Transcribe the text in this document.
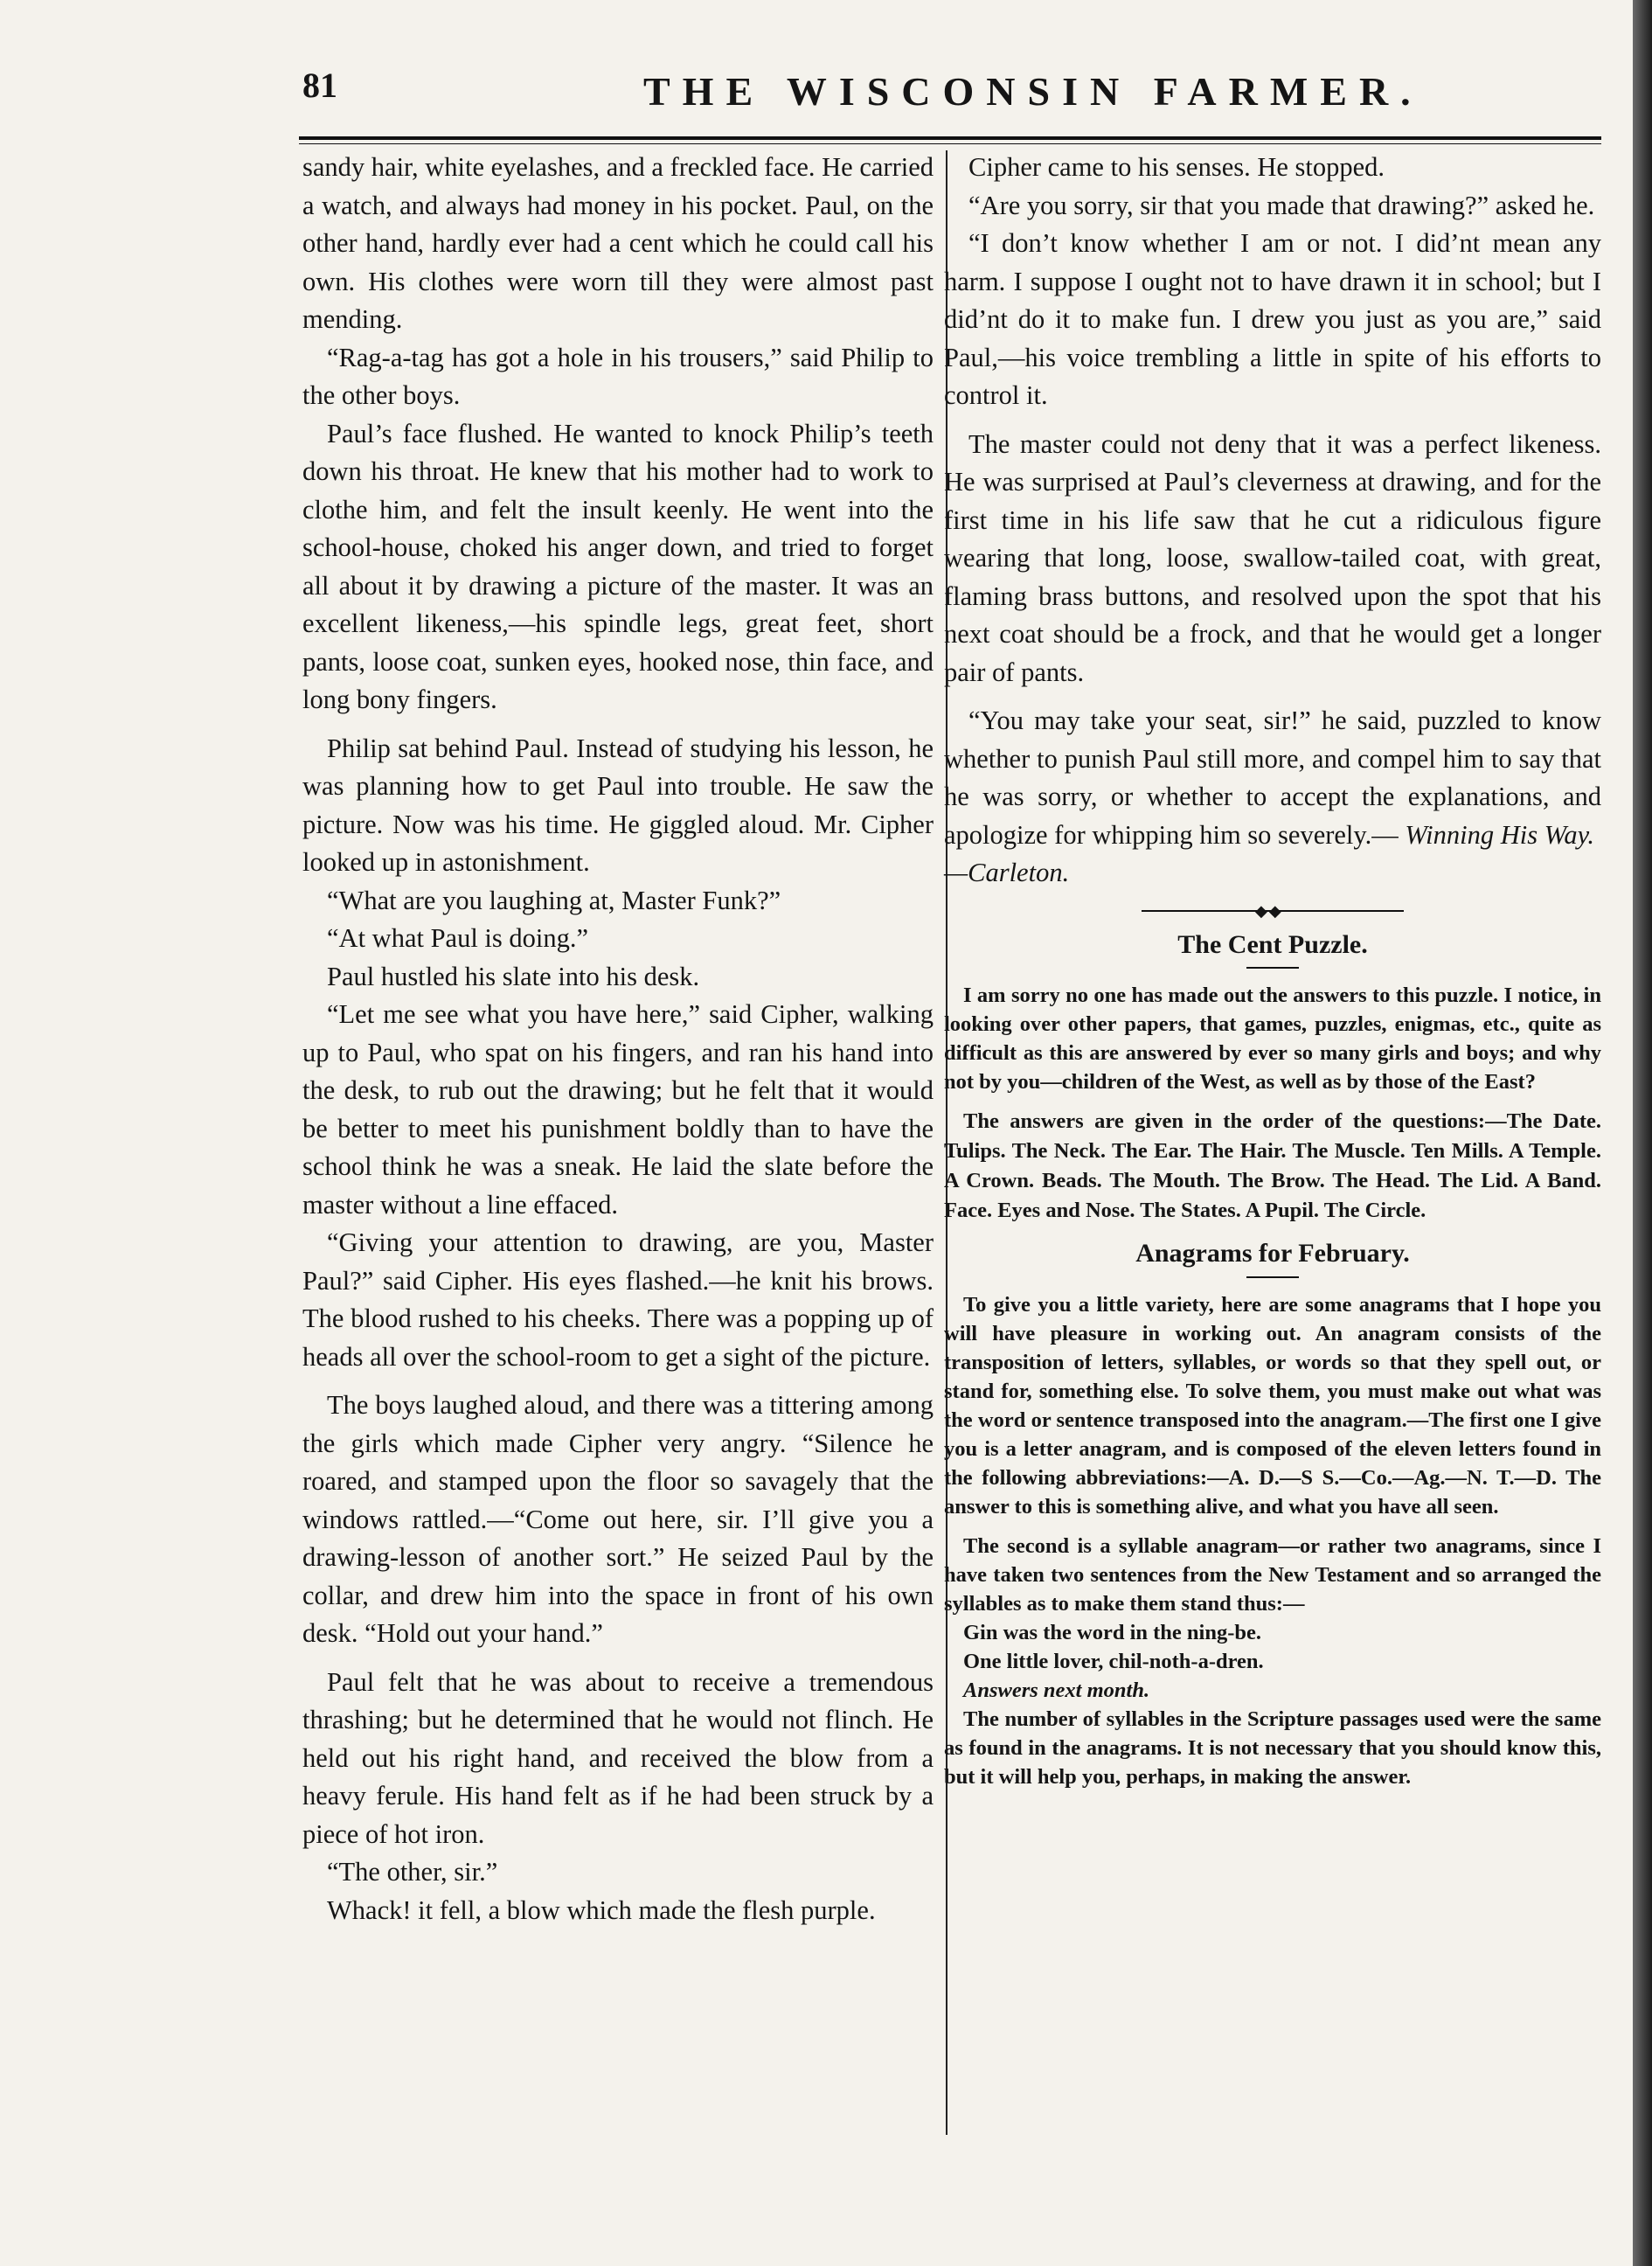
81	THE WISCONSIN FARMER.

sandy hair, white eyelashes, and a freckled face. He carried a watch, and always had money in his pocket. Paul, on the other hand, hardly ever had a cent which he could call his own. His clothes were worn till they were almost past mending.

“Rag-a-tag has got a hole in his trousers,” said Philip to the other boys.

Paul’s face flushed. He wanted to knock Philip’s teeth down his throat. He knew that his mother had to work to clothe him, and felt the insult keenly. He went into the school-house, choked his anger down, and tried to forget all about it by drawing a picture of the master. It was an excellent likeness,—his spindle legs, great feet, short pants, loose coat, sunken eyes, hooked nose, thin face, and long bony fingers.

Philip sat behind Paul. Instead of studying his lesson, he was planning how to get Paul into trouble. He saw the picture. Now was his time. He giggled aloud. Mr. Cipher looked up in astonishment.

“What are you laughing at, Master Funk?”

“At what Paul is doing.”

Paul hustled his slate into his desk.

“Let me see what you have here,” said Cipher, walking up to Paul, who spat on his fingers, and ran his hand into the desk, to rub out the drawing; but he felt that it would be better to meet his punishment boldly than to have the school think he was a sneak. He laid the slate before the master without a line effaced.

“Giving your attention to drawing, are you, Master Paul?” said Cipher. His eyes flashed.—he knit his brows. The blood rushed to his cheeks. There was a popping up of heads all over the school-room to get a sight of the picture.

The boys laughed aloud, and there was a tittering among the girls which made Cipher very angry. “Silence he roared, and stamped upon the floor so savagely that the windows rattled.—“Come out here, sir. I’ll give you a drawing-lesson of another sort.” He seized Paul by the collar, and drew him into the space in front of his own desk. “Hold out your hand.”

Paul felt that he was about to receive a tremendous thrashing; but he determined that he would not flinch. He held out his right hand, and received the blow from a heavy ferule. His hand felt as if he had been struck by a piece of hot iron.

“The other, sir.”

Whack! it fell, a blow which made the flesh purple.

Cipher came to his senses. He stopped.

“Are you sorry, sir that you made that drawing?” asked he.

“I don’t know whether I am or not. I did’nt mean any harm. I suppose I ought not to have drawn it in school; but I did’nt do it to make fun. I drew you just as you are,” said Paul,—his voice trembling a little in spite of his efforts to control it.

The master could not deny that it was a perfect likeness. He was surprised at Paul’s cleverness at drawing, and for the first time in his life saw that he cut a ridiculous figure wearing that long, loose, swallow-tailed coat, with great, flaming brass buttons, and resolved upon the spot that his next coat should be a frock, and that he would get a longer pair of pants.

“You may take your seat, sir!” he said, puzzled to know whether to punish Paul still more, and compel him to say that he was sorry, or whether to accept the explanations, and apologize for whipping him so severely.— Winning His Way.

—Carleton.

◆◆
The Cent Puzzle.

I am sorry no one has made out the answers to this puzzle. I notice, in looking over other papers, that games, puzzles, enigmas, etc., quite as difficult as this are answered by ever so many girls and boys; and why not by you—children of the West, as well as by those of the East?

The answers are given in the order of the questions:—The Date. Tulips. The Neck. The Ear. The Hair. The Muscle. Ten Mills. A Temple. A Crown. Beads. The Mouth. The Brow. The Head. The Lid. A Band. Face. Eyes and Nose. The States. A Pupil. The Circle.

Anagrams for February.

To give you a little variety, here are some anagrams that I hope you will have pleasure in working out. An anagram consists of the transposition of letters, syllables, or words so that they spell out, or stand for, something else. To solve them, you must make out what was the word or sentence transposed into the anagram.—The first one I give you is a letter anagram, and is composed of the eleven letters found in the following abbreviations:—A. D.—S S.—Co.—Ag.—N. T.—D. The answer to this is something alive, and what you have all seen.

The second is a syllable anagram—or rather two anagrams, since I have taken two sentences from the New Testament and so arranged the syllables as to make them stand thus:—

Gin was the word in the ning-be.

One little lover, chil-noth-a-dren.

Answers next month.

The number of syllables in the Scripture passages used were the same as found in the anagrams. It is not necessary that you should know this, but it will help you, perhaps, in making the answer.
